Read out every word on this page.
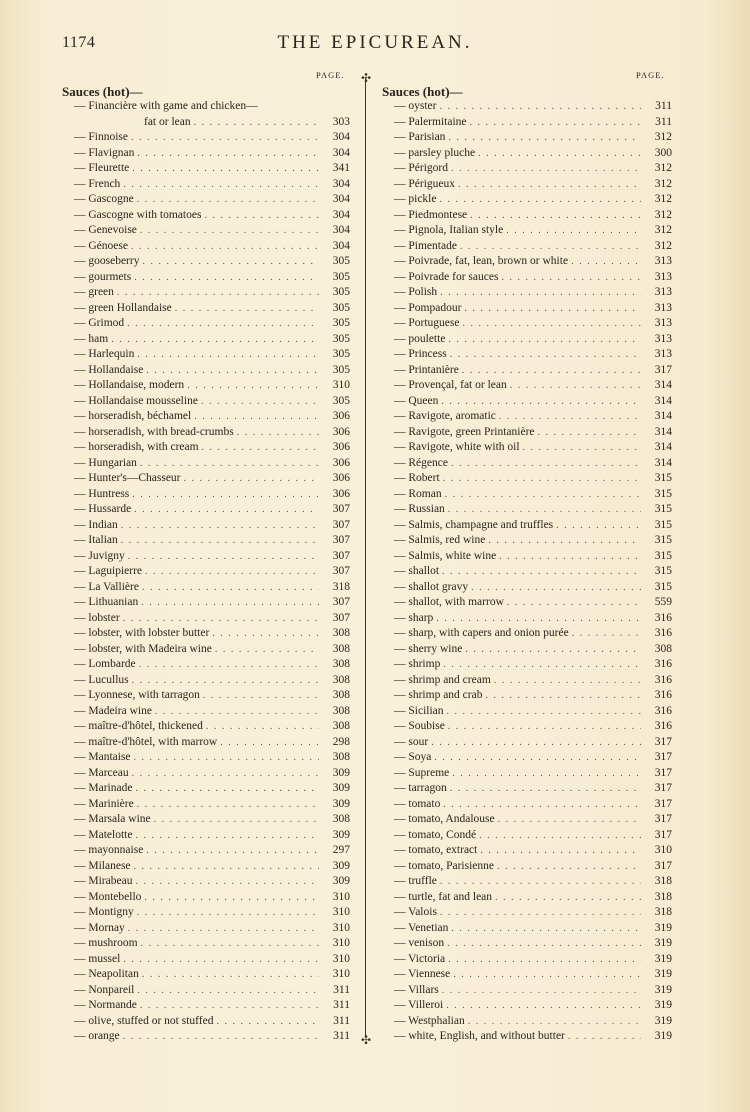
1174	THE EPICUREAN.
PAGE.
Sauces (hot)—
— Financière with game and chicken—
fat or lean . . .	303
— Finnoise . . .	304
— Flavignan . . .	304
— Fleurette . . .	341
— French . . .	304
— Gascogne . . .	304
— Gascogne with tomatoes . . .	304
— Genevoise . . .	304
— Génoese . . .	304
— gooseberry . . .	305
— gourmets . . .	305
— green . . .	305
— green Hollandaise . . .	305
— Grimod . . .	305
— ham . . .	305
— Harlequin . . .	305
— Hollandaise . . .	305
— Hollandaise, modern . . .	310
— Hollandaise mousseline . . .	305
— horseradish, béchamel . . .	306
— horseradish, with bread-crumbs . . .	306
— horseradish, with cream . . .	306
— Hungarian . . .	306
— Hunter's—Chasseur . . .	306
— Huntress . . .	306
— Hussarde . . .	307
— Indian . . .	307
— Italian . . .	307
— Juvigny . . .	307
— Laguipierre . . .	307
— La Vallière . . .	318
— Lithuanian . . .	307
— lobster . . .	307
— lobster, with lobster butter . . .	308
— lobster, with Madeira wine . . .	308
— Lombarde . . .	308
— Lucullus . . .	308
— Lyonnese, with tarragon . . .	308
— Madeira wine . . .	308
— maître-d'hôtel, thickened . . .	308
— maître-d'hôtel, with marrow . . .	298
— Mantaise . . .	308
— Marceau . . .	309
— Marinade . . .	309
— Marinière . . .	309
— Marsala wine . . .	308
— Matelotte . . .	309
— mayonnaise . . .	297
— Milanese . . .	309
— Mirabeau . . .	309
— Montebello . . .	310
— Montigny . . .	310
— Mornay . . .	310
— mushroom . . .	310
— mussel . . .	310
— Neapolitan . . .	310
— Nonpareil . . .	311
— Normande . . .	311
— olive, stuffed or not stuffed . . .	311
— orange . . .	311
✣
✣
PAGE.
Sauces (hot)—
— oyster . . .	311
— Palermitaine . . .	311
— Parisian . . .	312
— parsley pluche . . .	300
— Périgord . . .	312
— Périgueux . . .	312
— pickle . . .	312
— Piedmontese . . .	312
— Pignola, Italian style . . .	312
— Pimentade . . .	312
— Poivrade, fat, lean, brown or white . . .	313
— Poivrade for sauces . . .	313
— Polish . . .	313
— Pompadour . . .	313
— Portuguese . . .	313
— poulette . . .	313
— Princess . . .	313
— Printanière . . .	317
— Provençal, fat or lean . . .	314
— Queen . . .	314
— Ravigote, aromatic . . .	314
— Ravigote, green Printanière . . .	314
— Ravigote, white with oil . . .	314
— Régence . . .	314
— Robert . . .	315
— Roman . . .	315
— Russian . . .	315
— Salmis, champagne and truffles . . .	315
— Salmis, red wine . . .	315
— Salmis, white wine . . .	315
— shallot . . .	315
— shallot gravy . . .	315
— shallot, with marrow . . .	559
— sharp . . .	316
— sharp, with capers and onion purée . . .	316
— sherry wine . . .	308
— shrimp . . .	316
— shrimp and cream . . .	316
— shrimp and crab . . .	316
— Sicilian . . .	316
— Soubise . . .	316
— sour . . .	317
— Soya . . .	317
— Supreme . . .	317
— tarragon . . .	317
— tomato . . .	317
— tomato, Andalouse . . .	317
— tomato, Condé . . .	317
— tomato, extract . . .	310
— tomato, Parisienne . . .	317
— truffle . . .	318
— turtle, fat and lean . . .	318
— Valois . . .	318
— Venetian . . .	319
— venison . . .	319
— Victoria . . .	319
— Viennese . . .	319
— Villars . . .	319
— Villeroi . . .	319
— Westphalian . . .	319
— white, English, and without butter . . .	319
